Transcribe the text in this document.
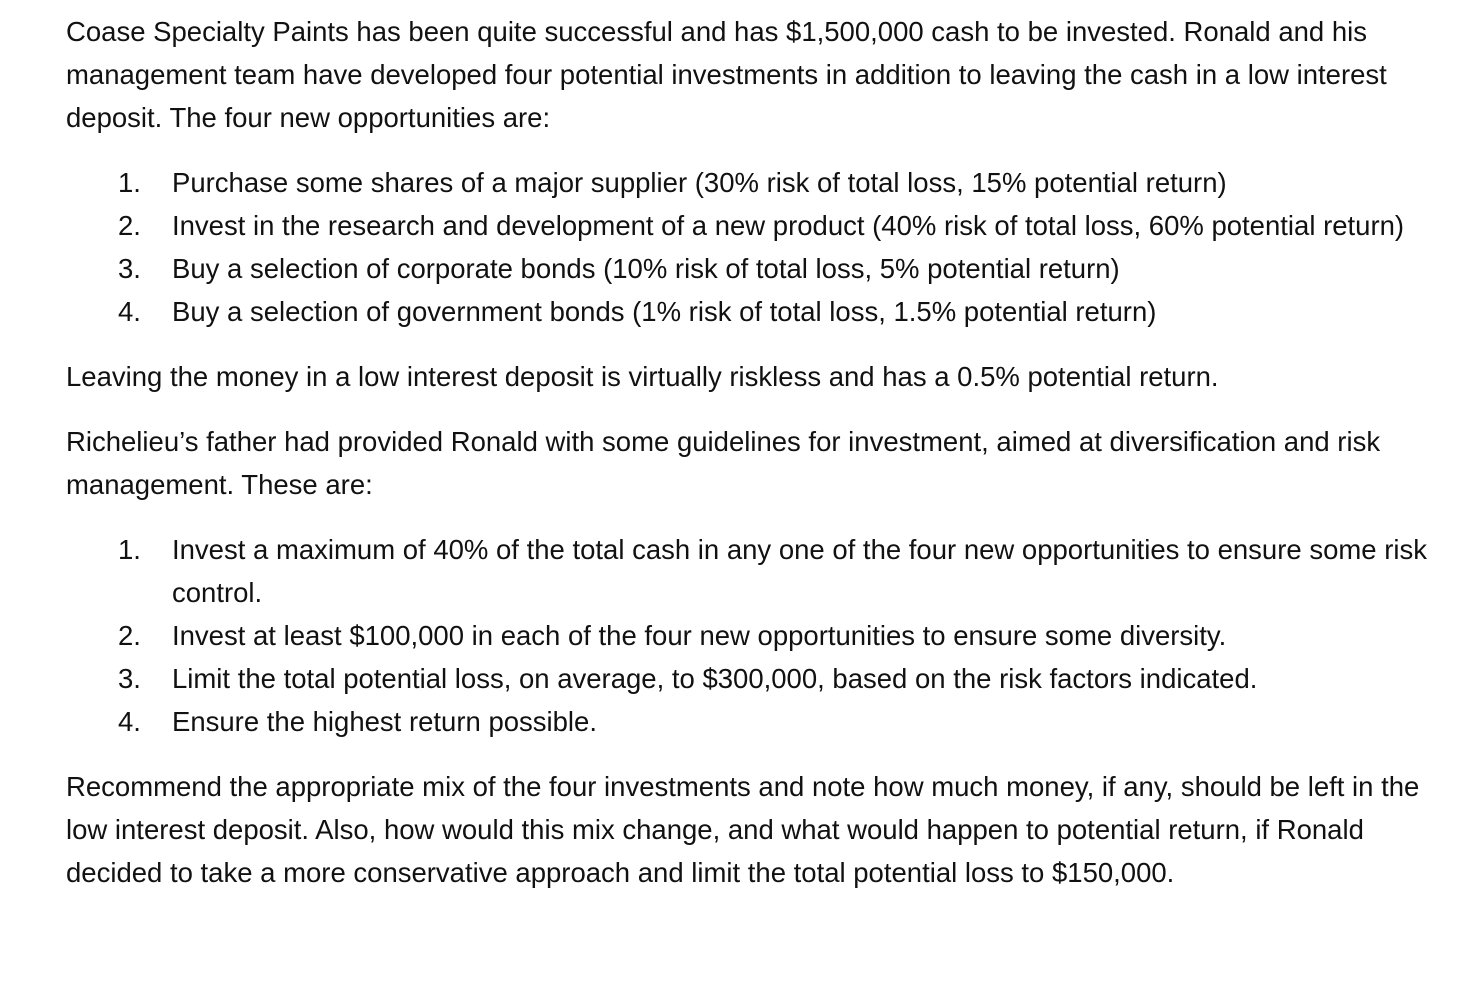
Coase Specialty Paints has been quite successful and has $1,500,000 cash to be invested. Ronald and his management team have developed four potential investments in addition to leaving the cash in a low interest deposit. The four new opportunities are:

1. Purchase some shares of a major supplier (30% risk of total loss, 15% potential return)
2. Invest in the research and development of a new product (40% risk of total loss, 60% potential return)
3. Buy a selection of corporate bonds (10% risk of total loss, 5% potential return)
4. Buy a selection of government bonds (1% risk of total loss, 1.5% potential return)

Leaving the money in a low interest deposit is virtually riskless and has a 0.5% potential return.

Richelieu’s father had provided Ronald with some guidelines for investment, aimed at diversification and risk management. These are:

1. Invest a maximum of 40% of the total cash in any one of the four new opportunities to ensure some risk control.
2. Invest at least $100,000 in each of the four new opportunities to ensure some diversity.
3. Limit the total potential loss, on average, to $300,000, based on the risk factors indicated.
4. Ensure the highest return possible.

Recommend the appropriate mix of the four investments and note how much money, if any, should be left in the low interest deposit. Also, how would this mix change, and what would happen to potential return, if Ronald decided to take a more conservative approach and limit the total potential loss to $150,000.
